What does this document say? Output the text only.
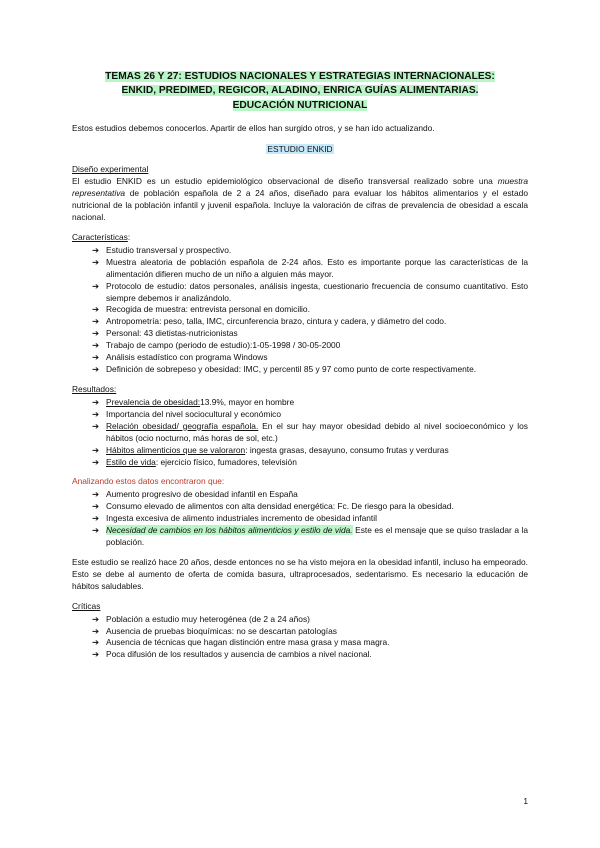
TEMAS 26 Y 27: ESTUDIOS NACIONALES Y ESTRATEGIAS INTERNACIONALES:
ENKID, PREDIMED, REGICOR, ALADINO, ENRICA GUÍAS ALIMENTARIAS.
EDUCACIÓN NUTRICIONAL

Estos estudios debemos conocerlos. Apartir de ellos han surgido otros, y se han ido actualizando.

ESTUDIO ENKID
Diseño experimental

El estudio ENKID es un estudio epidemiológico observacional de diseño transversal realizado sobre una muestra representativa de población española de 2 a 24 años, diseñado para evaluar los hábitos alimentarios y el estado nutricional de la población infantil y juvenil española. Incluye la valoración de cifras de prevalencia de obesidad a escala nacional.

Características:
➔ Estudio transversal y prospectivo.
➔ Muestra aleatoria de población española de 2-24 años. Esto es importante porque las características de la alimentación difieren mucho de un niño a alguien más mayor.
➔ Protocolo de estudio: datos personales, análisis ingesta, cuestionario frecuencia de consumo cuantitativo. Esto siempre debemos ir analizándolo.
➔ Recogida de muestra: entrevista personal en domicilio.
➔ Antropometría: peso, talla, IMC, circunferencia brazo, cintura y cadera, y diámetro del codo.
➔ Personal: 43 dietistas-nutricionistas
➔ Trabajo de campo (periodo de estudio):1-05-1998 / 30-05-2000
➔ Análisis estadístico con programa Windows
➔ Definición de sobrepeso y obesidad: IMC, y percentil 85 y 97 como punto de corte respectivamente.
Resultados:
➔ Prevalencia de obesidad:13.9%, mayor en hombre
➔ Importancia del nivel sociocultural y económico
➔ Relación obesidad/ geografía española. En el sur hay mayor obesidad debido al nivel socioeconómico y los hábitos (ocio nocturno, más horas de sol, etc.)
➔ Hábitos alimenticios que se valoraron: ingesta grasas, desayuno, consumo frutas y verduras
➔ Estilo de vida: ejercicio físico, fumadores, televisión
Analizando estos datos encontraron que:
➔ Aumento progresivo de obesidad infantil en España
➔ Consumo elevado de alimentos con alta densidad energética: Fc. De riesgo para la obesidad.
➔ Ingesta excesiva de alimento industriales incremento de obesidad infantil
➔ Necesidad de cambios en los hábitos alimenticios y estilo de vida. Este es el mensaje que se quiso trasladar a la población.

Este estudio se realizó hace 20 años, desde entonces no se ha visto mejora en la obesidad infantil, incluso ha empeorado. Esto se debe al aumento de oferta de comida basura, ultraprocesados, sedentarismo. Es necesario la educación de hábitos saludables.

Críticas
➔ Población a estudio muy heterogénea (de 2 a 24 años)
➔ Ausencia de pruebas bioquímicas: no se descartan patologías
➔ Ausencia de técnicas que hagan distinción entre masa grasa y masa magra.
➔ Poca difusión de los resultados y ausencia de cambios a nivel nacional.
1
